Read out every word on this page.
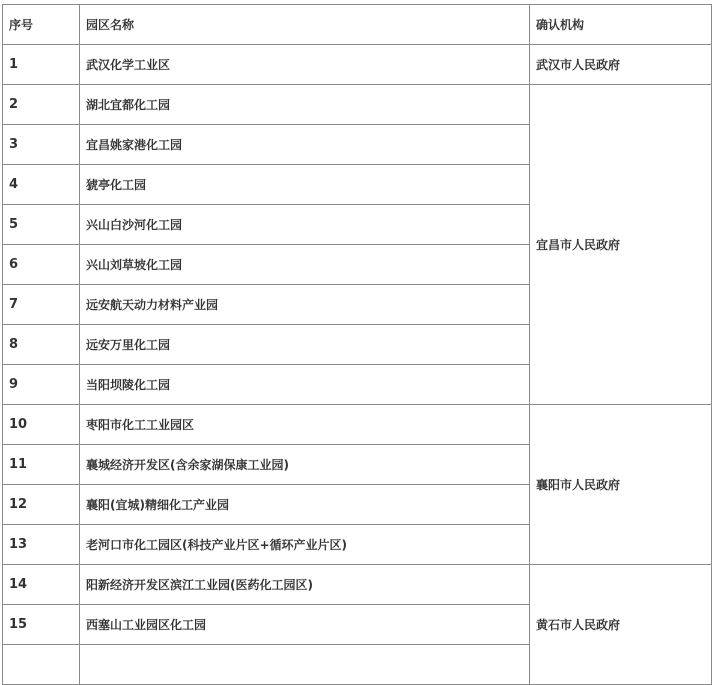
序号	园区名称	确认机构	
1	武汉化学工业区	武汉市人民政府	
2	湖北宜都化工园	宜昌市人民政府	
3	宜昌姚家港化工园		
4	猇亭化工园		
5	兴山白沙河化工园		
6	兴山刘草坡化工园		
7	远安航天动力材料产业园		
8	远安万里化工园		
9	当阳坝陵化工园		
10	枣阳市化工工业园区	襄阳市人民政府	
11	襄城经济开发区(含余家湖保康工业园)		
12	襄阳(宜城)精细化工产业园		
13	老河口市化工园区(科技产业片区+循环产业片区)		
14	阳新经济开发区滨江工业园(医药化工园区)	黄石市人民政府	
15	西塞山工业园区化工园		
